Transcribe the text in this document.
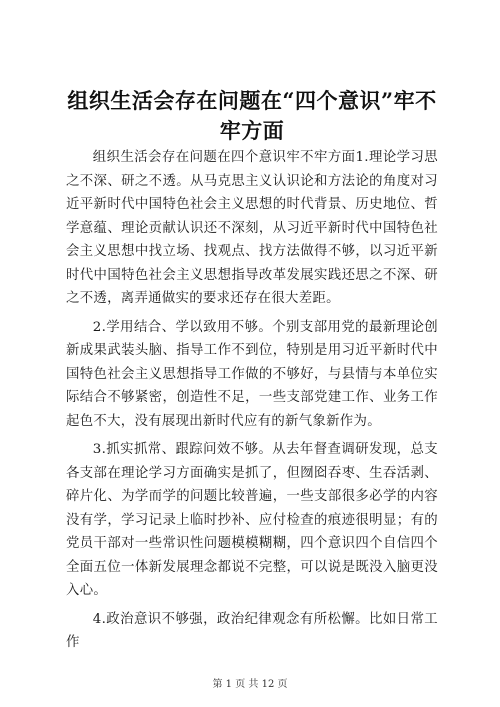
组织生活会存在问题在“四个意识”牢不牢方面

组织生活会存在问题在四个意识牢不牢方面1.理论学习思之不深、研之不透。从马克思主义认识论和方法论的角度对习近平新时代中国特色社会主义思想的时代背景、历史地位、哲学意蕴、理论贡献认识还不深刻，从习近平新时代中国特色社会主义思想中找立场、找观点、找方法做得不够，以习近平新时代中国特色社会主义思想指导改革发展实践还思之不深、研之不透，离弄通做实的要求还存在很大差距。

2.学用结合、学以致用不够。个别支部用党的最新理论创新成果武装头脑、指导工作不到位，特别是用习近平新时代中国特色社会主义思想指导工作做的不够好，与县情与本单位实际结合不够紧密，创造性不足，一些支部党建工作、业务工作起色不大，没有展现出新时代应有的新气象新作为。

3.抓实抓常、跟踪问效不够。从去年督查调研发现，总支各支部在理论学习方面确实是抓了，但囫囵吞枣、生吞活剥、碎片化、为学而学的问题比较普遍，一些支部很多必学的内容没有学，学习记录上临时抄补、应付检查的痕迹很明显；有的党员干部对一些常识性问题模模糊糊，四个意识四个自信四个全面五位一体新发展理念都说不完整，可以说是既没入脑更没入心。

4.政治意识不够强，政治纪律观念有所松懈。比如日常工作

第 1 页 共 12 页
